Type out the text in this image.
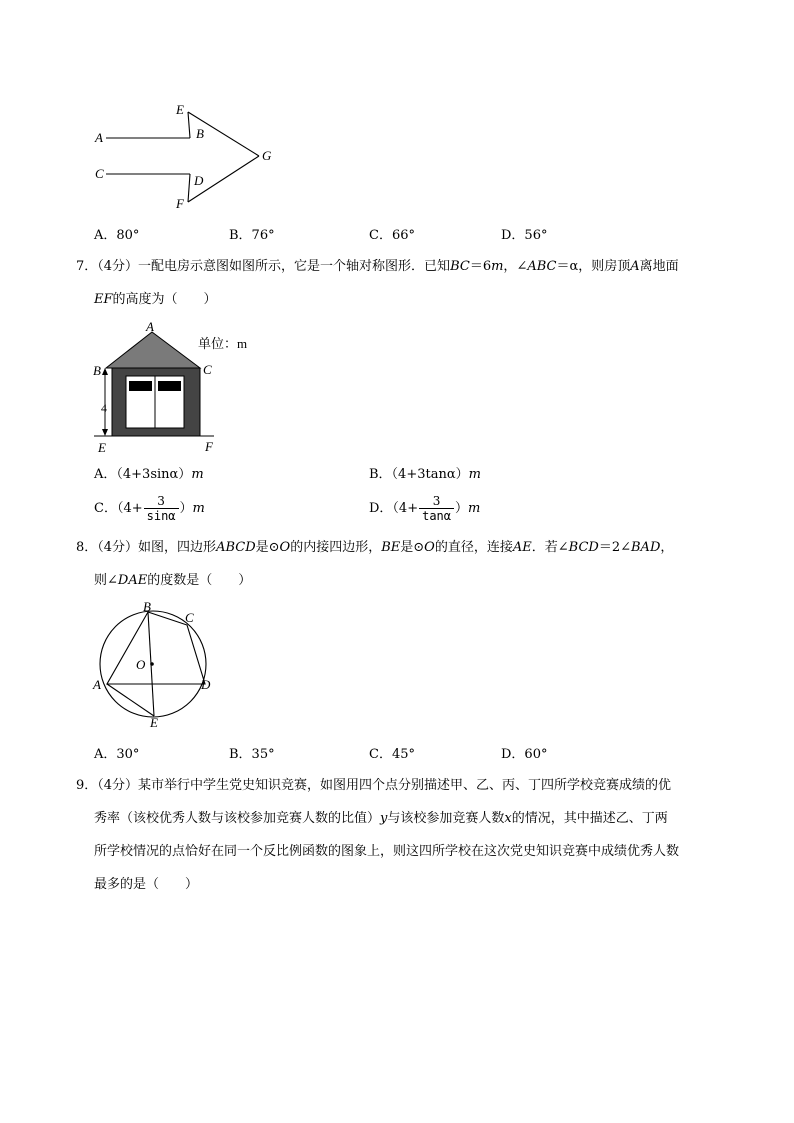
A
E
B
G
C	D
F
A．80°	B．76°	C．66°	D．56°
7．（4分）一配电房示意图如图所示，它是一个轴对称图形．已知BC＝6m，∠ABC＝α，则房顶A离地面
EF的高度为（　　）
A
B	C
E	F
4
单位：m
A．（4+3sinα）m	B．（4+3tanα）m
C．$(4+ \frac{3}{\sin\alpha} )m$	D．$(4+ \frac{3}{\tan\alpha} )m$
8．（4分）如图，四边形ABCD是⊙O的内接四边形，BE是⊙O的直径，连接AE．若∠BCD＝2∠BAD，
则∠DAE的度数是（　　）
B
C
O
A	D
E
A．30°	B．35°	C．45°	D．60°
9．（4分）某市举行中学生党史知识竞赛，如图用四个点分别描述甲、乙、丙、丁四所学校竞赛成绩的优
秀率（该校优秀人数与该校参加竞赛人数的比值）y与该校参加竞赛人数x的情况，其中描述乙、丁两
所学校情况的点恰好在同一个反比例函数的图象上，则这四所学校在这次党史知识竞赛中成绩优秀人数
最多的是（　　）
